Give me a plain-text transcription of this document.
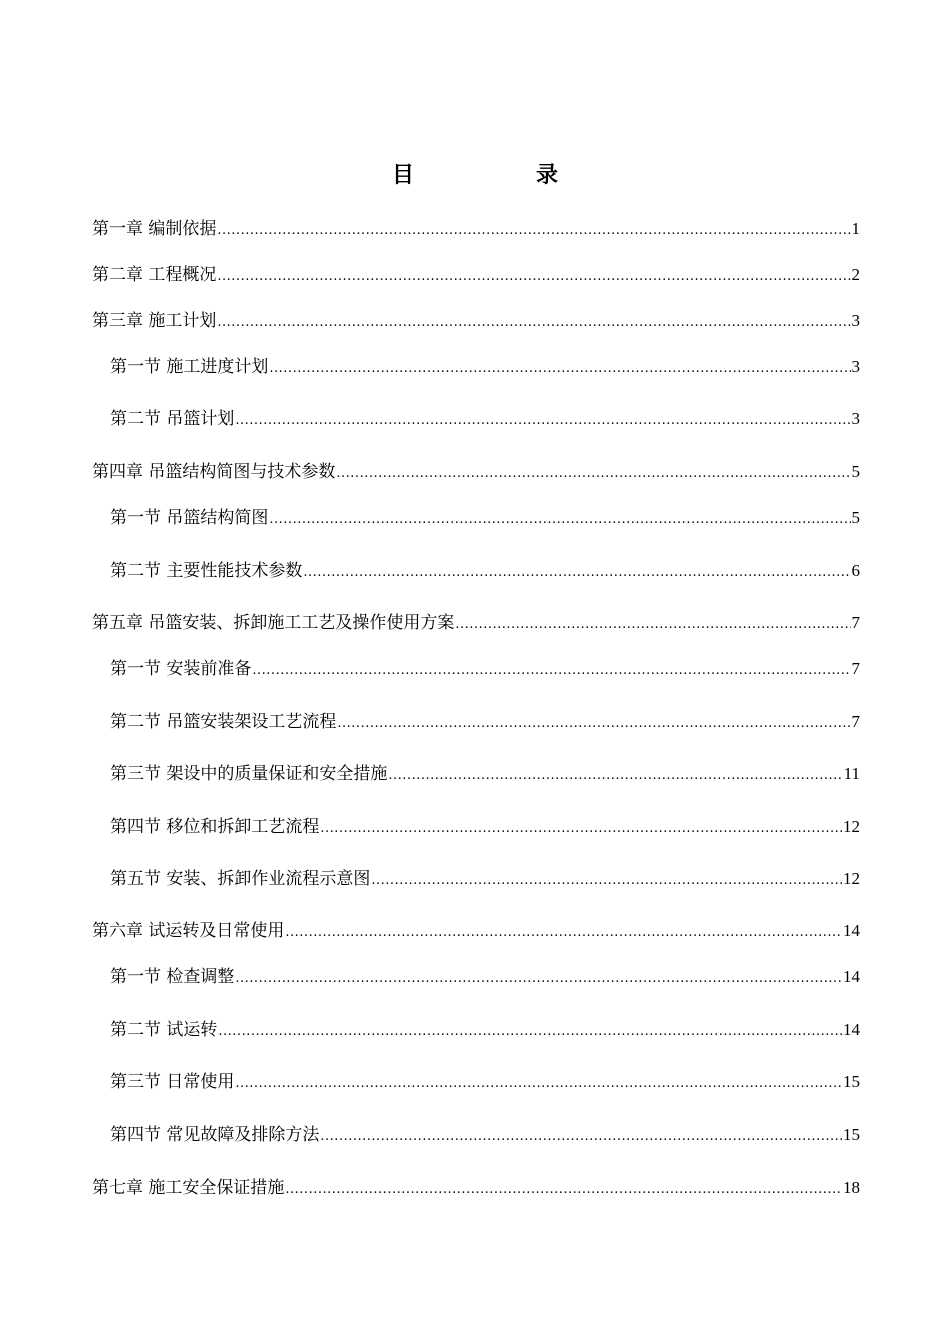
目　录
第一章 编制依据 .....	1
第二章 工程概况 .....	2
第三章 施工计划 .....	3
第一节 施工进度计划 .....	3
第二节 吊篮计划 .....	3
第四章 吊篮结构简图与技术参数 .....	5
第一节 吊篮结构简图 .....	5
第二节 主要性能技术参数 .....	6
第五章 吊篮安装、拆卸施工工艺及操作使用方案 .....	7
第一节 安装前准备 .....	7
第二节 吊篮安装架设工艺流程 .....	7
第三节 架设中的质量保证和安全措施 .....	11
第四节 移位和拆卸工艺流程 .....	12
第五节 安装、拆卸作业流程示意图 .....	12
第六章 试运转及日常使用 .....	14
第一节 检查调整 .....	14
第二节 试运转 .....	14
第三节 日常使用 .....	15
第四节 常见故障及排除方法 .....	15
第七章 施工安全保证措施 .....	18
